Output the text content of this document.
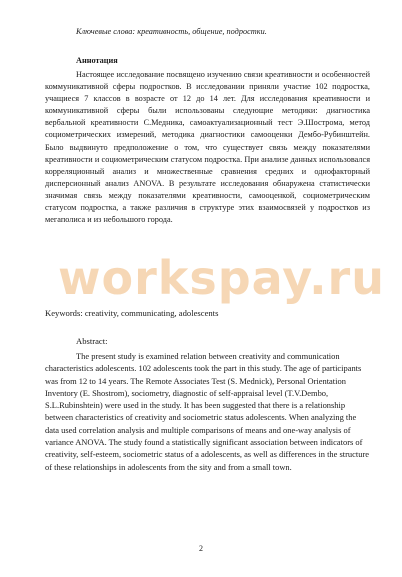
Ключевые слова: креативность, общение, подростки.
Аннотация
Настоящее исследование посвящено изучению связи креативности и особенностей коммуникативной сферы подростков. В исследовании приняли участие 102 подростка, учащиеся 7 классов в возрасте от 12 до 14 лет. Для исследования креативности и коммуникативной сферы были использованы следующие методики: диагностика вербальной креативности С.Медника, самоактуализационный тест Э.Шострома, метод социометрических измерений, методика диагностики самооценки Дембо-Рубинштейн. Было выдвинуто предположение о том, что существует связь между показателями креативности и социометрическим статусом подростка. При анализе данных использовался корреляционный анализ и множественные сравнения средних и однофакторный дисперсионный анализ ANOVA. В результате исследования обнаружена статистически значимая связь между показателями креативности, самооценкой, социометрическим статусом подростка, а также различия в структуре этих взаимосвязей у подростков из мегаполиса и из небольшого города.
Keywords: creativity, communicating, adolescents
Abstract:
The present study is examined relation between creativity and communication characteristics adolescents. 102 adolescents took the part in this study. The age of participants was from 12 to 14 years. The Remote Associates Test (S. Mednick), Personal Orientation Inventory (E. Shostrom), sociometry, diagnostic of self-appraisal level (T.V.Dembo, S.L.Rubinshtein) were used in the study. It has been suggested that there is a relationship between characteristics of creativity and sociometric status adolescents. When analyzing the data used correlation analysis and multiple comparisons of means and one-way analysis of variance ANOVA. The study found a statistically significant association between indicators of creativity, self-esteem, sociometric status of a adolescents, as well as differences in the structure of these relationships in adolescents from the sity and from a small town.
2
workspay.ru
